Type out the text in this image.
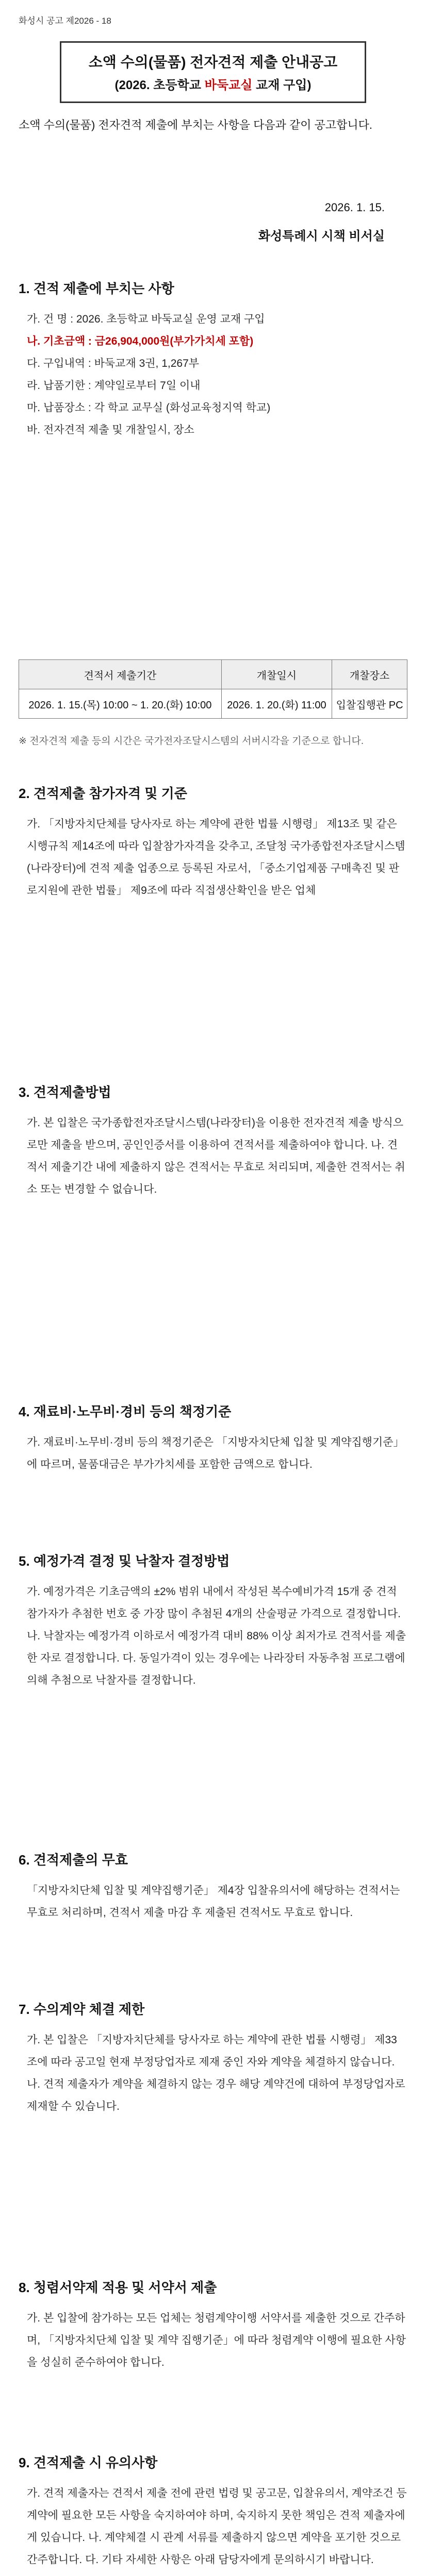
화성시 공고 제2026 - 18
소액 수의(물품) 전자견적 제출 안내공고
(2026. 초등학교 바둑교실 교재 구입)
소액 수의(물품) 전자견적 제출에 부치는 사항을 다음과 같이 공고합니다.
2026. 1. 15.
화성특례시 시책 비서실
1. 견적 제출에 부치는 사항
가. 건 명 : 2026. 초등학교 바둑교실 운영 교재 구입
나. 기초금액 : 금26,904,000원(부가가치세 포함)
다. 구입내역 : 바둑교재 3권, 1,267부
라. 납품기한 : 계약일로부터 7일 이내
마. 납품장소 : 각 학교 교무실 (화성교육청지역 학교)
바. 전자견적 제출 및 개찰일시, 장소
견적서 제출기간	개찰일시	개찰장소
2026. 1. 15.(목) 10:00 ~ 1. 20.(화) 10:00	2026. 1. 20.(화) 11:00	입찰집행관 PC
※ 전자견적 제출 등의 시간은 국가전자조달시스템의 서버시각을 기준으로 합니다.
2. 견적제출 참가자격 및 기준
가. 「지방자치단체를 당사자로 하는 계약에 관한 법률 시행령」 제13조 및 같은 시행규칙 제14조에 따라 입찰참가자격을 갖추고, 조달청 국가종합전자조달시스템(나라장터)에 견적 제출 업종으로 등록된 자로서, 「중소기업제품 구매촉진 및 판로지원에 관한 법률」 제9조에 따라 직접생산확인을 받은 업체
3. 견적제출방법
가. 본 입찰은 국가종합전자조달시스템(나라장터)을 이용한 전자견적 제출 방식으로만 제출을 받으며, 공인인증서를 이용하여 견적서를 제출하여야 합니다. 나. 견적서 제출기간 내에 제출하지 않은 견적서는 무효로 처리되며, 제출한 견적서는 취소 또는 변경할 수 없습니다.
4. 재료비·노무비·경비 등의 책정기준
가. 재료비·노무비·경비 등의 책정기준은 「지방자치단체 입찰 및 계약집행기준」에 따르며, 물품대금은 부가가치세를 포함한 금액으로 합니다.
5. 예정가격 결정 및 낙찰자 결정방법
가. 예정가격은 기초금액의 ±2% 범위 내에서 작성된 복수예비가격 15개 중 견적 참가자가 추첨한 번호 중 가장 많이 추첨된 4개의 산술평균 가격으로 결정합니다. 나. 낙찰자는 예정가격 이하로서 예정가격 대비 88% 이상 최저가로 견적서를 제출한 자로 결정합니다. 다. 동일가격이 있는 경우에는 나라장터 자동추첨 프로그램에 의해 추첨으로 낙찰자를 결정합니다.
6. 견적제출의 무효
「지방자치단체 입찰 및 계약집행기준」 제4장 입찰유의서에 해당하는 견적서는 무효로 처리하며, 견적서 제출 마감 후 제출된 견적서도 무효로 합니다.
7. 수의계약 체결 제한
가. 본 입찰은 「지방자치단체를 당사자로 하는 계약에 관한 법률 시행령」 제33조에 따라 공고일 현재 부정당업자로 제재 중인 자와 계약을 체결하지 않습니다. 나. 견적 제출자가 계약을 체결하지 않는 경우 해당 계약건에 대하여 부정당업자로 제재할 수 있습니다.
8. 청렴서약제 적용 및 서약서 제출
가. 본 입찰에 참가하는 모든 업체는 청렴계약이행 서약서를 제출한 것으로 간주하며, 「지방자치단체 입찰 및 계약 집행기준」에 따라 청렴계약 이행에 필요한 사항을 성실히 준수하여야 합니다.
9. 견적제출 시 유의사항
가. 견적 제출자는 견적서 제출 전에 관련 법령 및 공고문, 입찰유의서, 계약조건 등 계약에 필요한 모든 사항을 숙지하여야 하며, 숙지하지 못한 책임은 견적 제출자에게 있습니다. 나. 계약체결 시 관계 서류를 제출하지 않으면 계약을 포기한 것으로 간주합니다. 다. 기타 자세한 사항은 아래 담당자에게 문의하시기 바랍니다.
